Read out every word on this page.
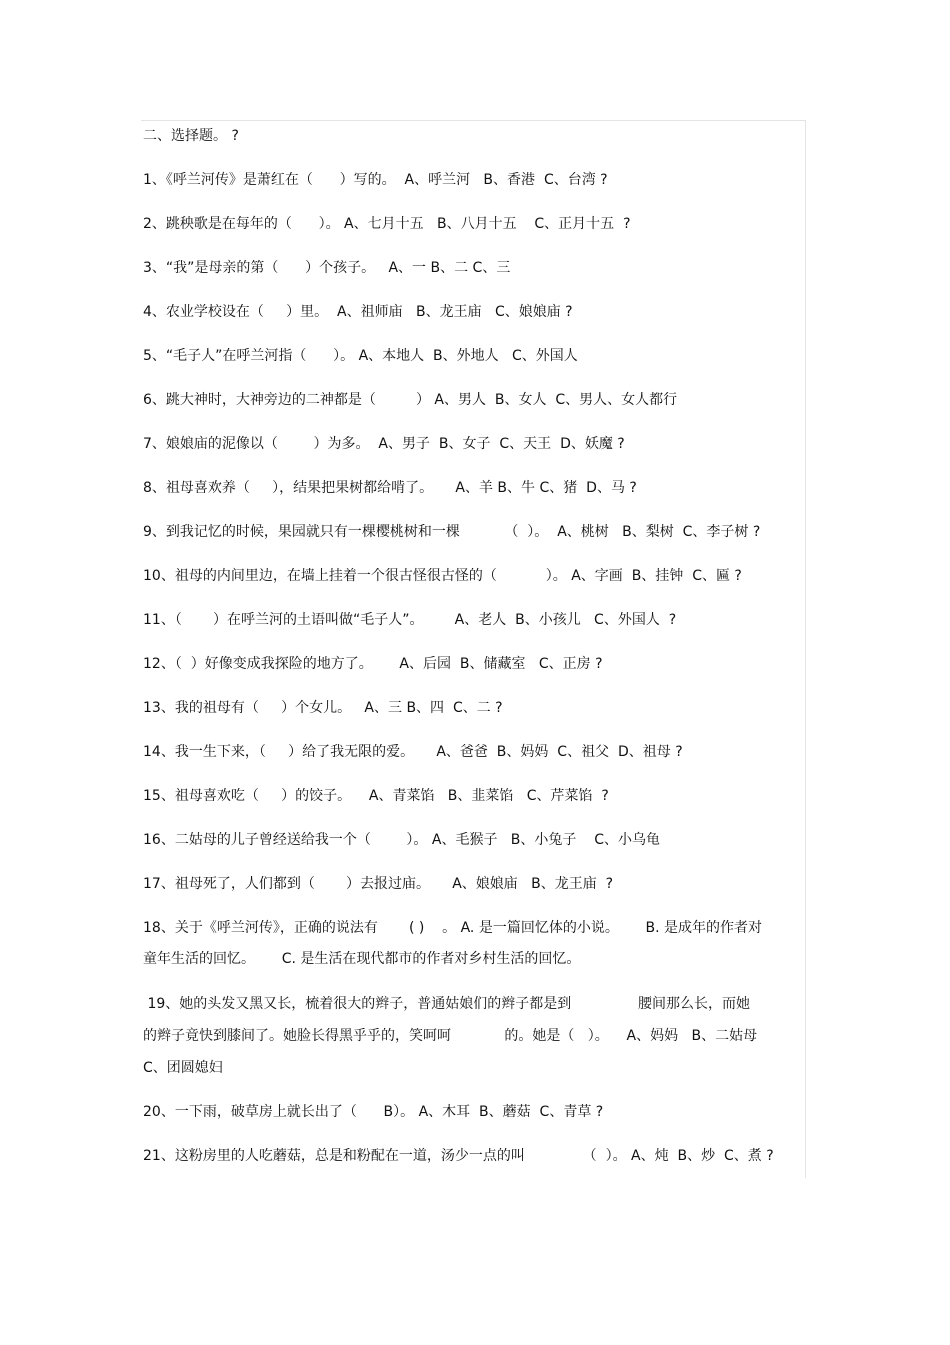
二、选择题。 ?
1、《呼兰河传》是萧红在（      ）写的。  A、呼兰河   B、香港  C、台湾 ?
2、跳秧歌是在每年的（      ）。 A、七月十五   B、八月十五    C、正月十五  ?
3、“我”是母亲的第（      ）个孩子。   A、一 B、二 C、三
4、农业学校设在（     ）里。  A、祖师庙   B、龙王庙   C、娘娘庙 ?
5、“毛子人”在呼兰河指（      ）。 A、本地人  B、外地人   C、外国人
6、跳大神时，大神旁边的二神都是（         ） A、男人  B、女人  C、男人、女人都行
7、娘娘庙的泥像以（        ）为多。  A、男子  B、女子  C、天王  D、妖魔 ?
8、祖母喜欢养（     ），结果把果树都给啃了。     A、羊 B、牛 C、猪  D、马 ?
9、到我记忆的时候，果园就只有一棵樱桃树和一棵          （  ）。  A、桃树   B、梨树  C、李子树 ?
10、祖母的内间里边，在墙上挂着一个很古怪很古怪的（           ）。 A、字画  B、挂钟  C、匾 ?
11、（       ）在呼兰河的土语叫做“毛子人”。       A、老人  B、小孩儿   C、外国人  ?
12、（  ）好像变成我探险的地方了。      A、后园  B、储藏室   C、正房 ?
13、我的祖母有（     ）个女儿。   A、三 B、四  C、二 ?
14、我一生下来，（     ）给了我无限的爱。     A、爸爸  B、妈妈  C、祖父  D、祖母 ?
15、祖母喜欢吃（     ）的饺子。    A、青菜馅   B、韭菜馅   C、芹菜馅  ?
16、二姑母的儿子曾经送给我一个（        ）。 A、毛猴子   B、小兔子    C、小乌龟
17、祖母死了，人们都到（       ）去报过庙。     A、娘娘庙   B、龙王庙  ?
18、关于《呼兰河传》，正确的说法有       ( )    。 A. 是一篇回忆体的小说。      B. 是成年的作者对
童年生活的回忆。      C. 是生活在现代都市的作者对乡村生活的回忆。
19、她的头发又黑又长，梳着很大的辫子，普通姑娘们的辫子都是到               腰间那么长，而她
的辫子竟快到膝间了。她脸长得黑乎乎的，笑呵呵            的。她是（   ）。    A、妈妈   B、二姑母
C、团圆媳妇
20、一下雨，破草房上就长出了（      B）。 A、木耳  B、蘑菇  C、青草 ?
21、这粉房里的人吃蘑菇，总是和粉配在一道，汤少一点的叫             （  ）。 A、炖  B、炒  C、煮 ?
